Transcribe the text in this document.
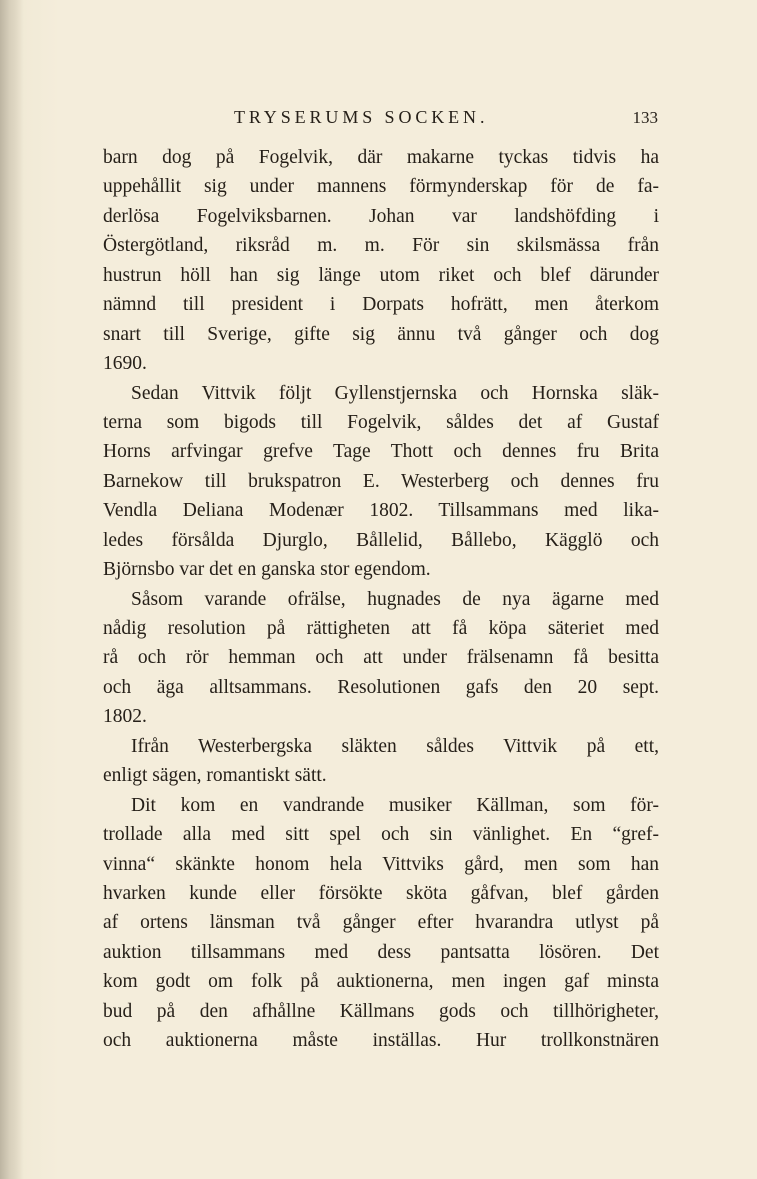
TRYSERUMS SOCKEN.	133
barn dog på Fogelvik, där makarne tyckas tidvis ha
uppehållit sig under mannens förmynderskap för de fa-
derlösa Fogelviksbarnen. Johan var landshöfding i
Östergötland, riksråd m. m. För sin skilsmässa från
hustrun höll han sig länge utom riket och blef därunder
nämnd till president i Dorpats hofrätt, men återkom
snart till Sverige, gifte sig ännu två gånger och dog
1690.
Sedan Vittvik följt Gyllenstjernska och Hornska släk-
terna som bigods till Fogelvik, såldes det af Gustaf
Horns arfvingar grefve Tage Thott och dennes fru Brita
Barnekow till brukspatron E. Westerberg och dennes fru
Vendla Deliana Modenær 1802. Tillsammans med lika-
ledes försålda Djurglo, Bållelid, Bållebo, Kägglö och
Björnsbo var det en ganska stor egendom.
Såsom varande ofrälse, hugnades de nya ägarne med
nådig resolution på rättigheten att få köpa säteriet med
rå och rör hemman och att under frälsenamn få besitta
och äga alltsammans. Resolutionen gafs den 20 sept.
1802.
Ifrån Westerbergska släkten såldes Vittvik på ett,
enligt sägen, romantiskt sätt.
Dit kom en vandrande musiker Källman, som för-
trollade alla med sitt spel och sin vänlighet. En “gref-
vinna“ skänkte honom hela Vittviks gård, men som han
hvarken kunde eller försökte sköta gåfvan, blef gården
af ortens länsman två gånger efter hvarandra utlyst på
auktion tillsammans med dess pantsatta lösören. Det
kom godt om folk på auktionerna, men ingen gaf minsta
bud på den afhållne Källmans gods och tillhörigheter,
och auktionerna måste inställas. Hur trollkonstnären
